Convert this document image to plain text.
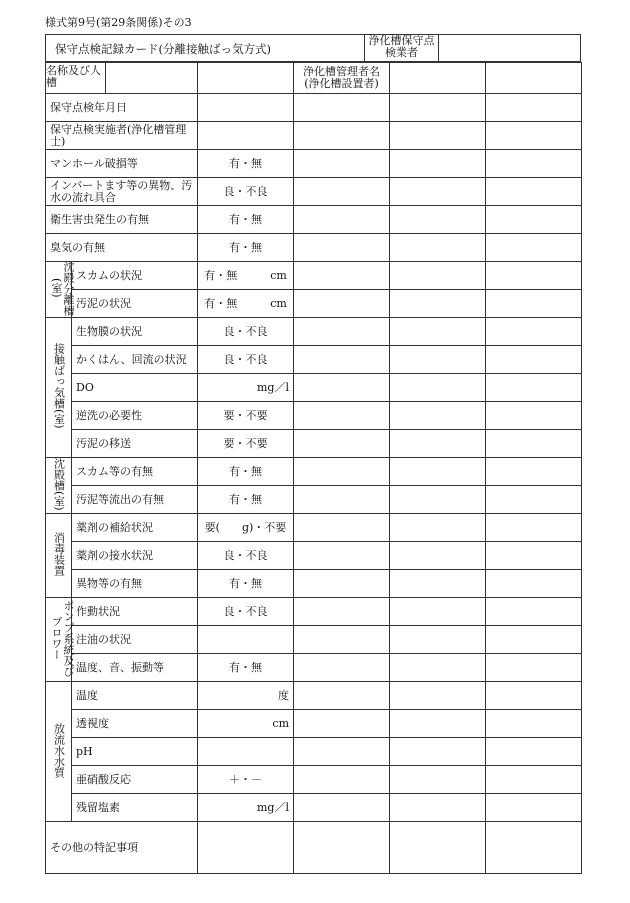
様式第9号(第29条関係)その3
保守点検記録カード(分離接触ばっ気方式)
浄化槽保守点検業者
名称及び人　槽			浄化槽管理者名(浄化槽設置者)		
保守点検年月日					
保守点検実施者(浄化槽管理士)					
マンホール破損等		有・無			
インバートます等の異物、汚水の流れ具合		良・不良			
衛生害虫発生の有無		有・無			
臭気の有無		有・無			
沈殿分離槽(室)	スカムの状況	有・無　　　cm			
	汚泥の状況	有・無　　　cm			
接触ばっ気槽(室)	生物膜の状況	良・不良			
	かくはん、回流の状況	良・不良			
	DO	mg／l			
	逆洗の必要性	要・不要			
	汚泥の移送	要・不要			
沈殿槽(室)	スカム等の有無	有・無			
	汚泥等流出の有無	有・無			
消毒装置	薬剤の補給状況	要(　　g)・不要			
	薬剤の接水状況	良・不良			
	異物等の有無	有・無			
ポンプ系統及びブロワー	作動状況	良・不良			
	注油の状況				
	温度、音、振動等	有・無			
放流水水質	温度	度			
	透視度	cm			
	pH				
	亜硝酸反応	＋・－			
	残留塩素	mg／l			
その他の特記事項					
